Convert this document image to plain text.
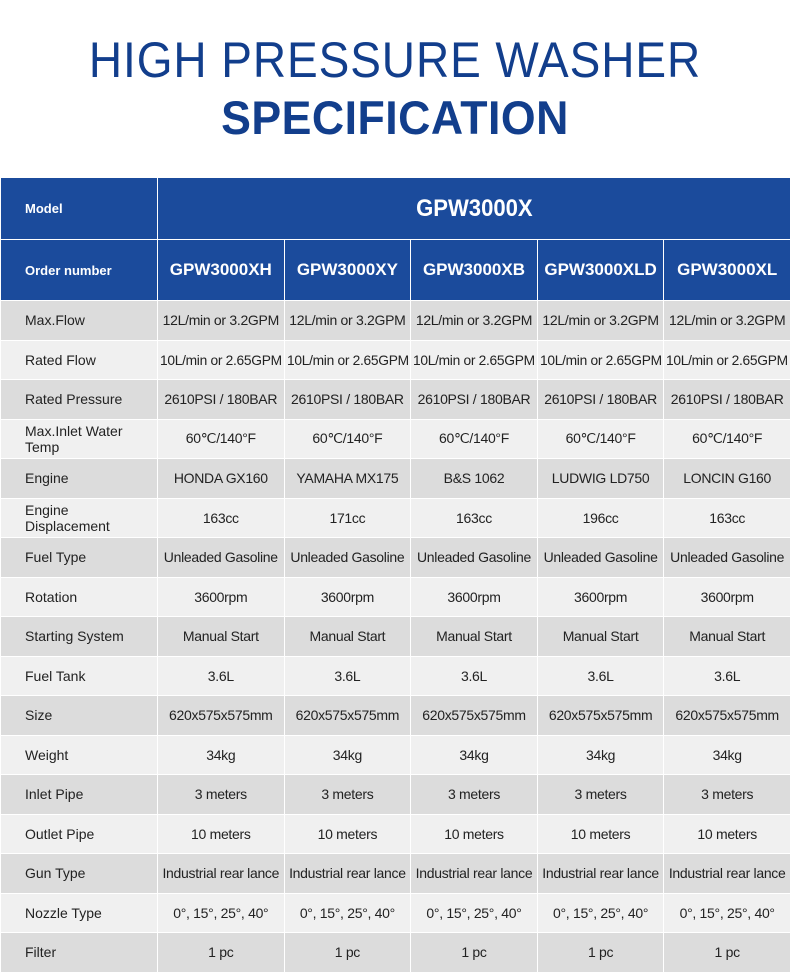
HIGH PRESSURE WASHER
SPECIFICATION
Model	GPW3000X				
Order number	GPW3000XH	GPW3000XY	GPW3000XB	GPW3000XLD	GPW3000XL
Max.Flow	12L/min or 3.2GPM	12L/min or 3.2GPM	12L/min or 3.2GPM	12L/min or 3.2GPM	12L/min or 3.2GPM
Rated Flow	10L/min or 2.65GPM	10L/min or 2.65GPM	10L/min or 2.65GPM	10L/min or 2.65GPM	10L/min or 2.65GPM
Rated Pressure	2610PSI / 180BAR	2610PSI / 180BAR	2610PSI / 180BAR	2610PSI / 180BAR	2610PSI / 180BAR
Max.Inlet Water Temp	60℃/140°F	60℃/140°F	60℃/140°F	60℃/140°F	60℃/140°F
Engine	HONDA GX160	YAMAHA MX175	B&S 1062	LUDWIG LD750	LONCIN G160
Engine Displacement	163cc	171cc	163cc	196cc	163cc
Fuel Type	Unleaded Gasoline	Unleaded Gasoline	Unleaded Gasoline	Unleaded Gasoline	Unleaded Gasoline
Rotation	3600rpm	3600rpm	3600rpm	3600rpm	3600rpm
Starting System	Manual Start	Manual Start	Manual Start	Manual Start	Manual Start
Fuel Tank	3.6L	3.6L	3.6L	3.6L	3.6L
Size	620x575x575mm	620x575x575mm	620x575x575mm	620x575x575mm	620x575x575mm
Weight	34kg	34kg	34kg	34kg	34kg
Inlet Pipe	3 meters	3 meters	3 meters	3 meters	3 meters
Outlet Pipe	10 meters	10 meters	10 meters	10 meters	10 meters
Gun Type	Industrial rear lance	Industrial rear lance	Industrial rear lance	Industrial rear lance	Industrial rear lance
Nozzle Type	0°, 15°, 25°, 40°	0°, 15°, 25°, 40°	0°, 15°, 25°, 40°	0°, 15°, 25°, 40°	0°, 15°, 25°, 40°
Filter	1 pc	1 pc	1 pc	1 pc	1 pc
